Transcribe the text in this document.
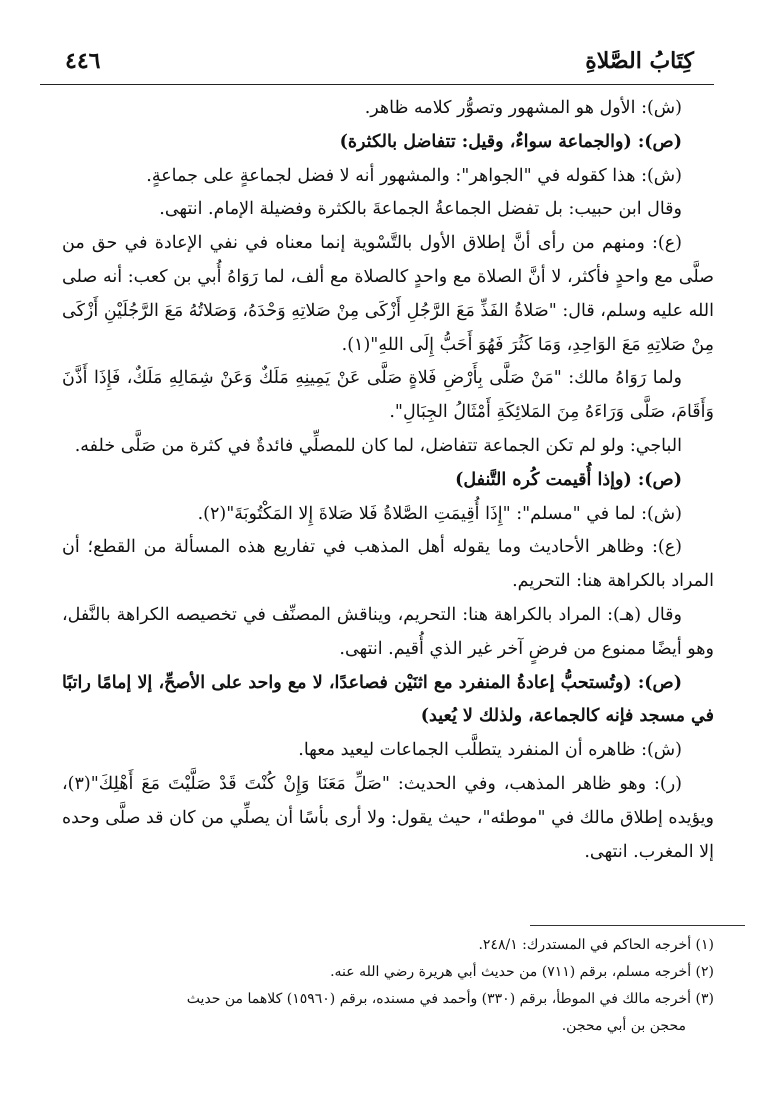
كِتَابُ الصَّلاةِ
٤٤٦

(ش): الأول هو المشهور وتصوُّر كلامه ظاهر.

(ص): (والجماعة سواءٌ، وقيل: تتفاضل بالكثرة)

(ش): هذا كقوله في "الجواهر": والمشهور أنه لا فضل لجماعةٍ على جماعةٍ.

وقال ابن حبيب: بل تفضل الجماعةُ الجماعةَ بالكثرة وفضيلة الإمام. انتهى.

(ع): ومنهم من رأى أنَّ إطلاق الأول بالتَّسْوية إنما معناه في نفي الإعادة في حق من صلَّى مع واحدٍ فأكثر، لا أنَّ الصلاة مع واحدٍ كالصلاة مع ألف، لما رَوَاهُ أُبي بن كعب: أنه صلى الله عليه وسلم، قال: "صَلاةُ الفَذِّ مَعَ الرَّجُلِ أَزْكَى مِنْ صَلاتِهِ وَحْدَهُ، وَصَلاتُهُ مَعَ الرَّجُلَيْنِ أَزْكَى مِنْ صَلاتِهِ مَعَ الوَاحِدِ، وَمَا كَثُرَ فَهُوَ أَحَبُّ إِلَى اللهِ"(١).

ولما رَوَاهُ مالك: "مَنْ صَلَّى بِأَرْضِ فَلاةٍ صَلَّى عَنْ يَمِينِهِ مَلَكٌ وَعَنْ شِمَالِهِ مَلَكٌ، فَإِذَا أَذَّنَ وَأَقَامَ، صَلَّى وَرَاءَهُ مِنَ المَلائِكَةِ أَمْثَالُ الجِبَالِ".

الباجي: ولو لم تكن الجماعة تتفاضل، لما كان للمصلِّي فائدةٌ في كثرة من صَلَّى خلفه.

(ص): (وإذا أُقيمت كُره التَّنفل)

(ش): لما في "مسلم": "إِذَا أُقِيمَتِ الصَّلاةُ فَلا صَلاةَ إِلا المَكْتُوبَةَ"(٢).

(ع): وظاهر الأحاديث وما يقوله أهل المذهب في تفاريع هذه المسألة من القطع؛ أن المراد بالكراهة هنا: التحريم.

وقال (هـ): المراد بالكراهة هنا: التحريم، ويناقش المصنِّف في تخصيصه الكراهة بالنَّفل، وهو أيضًا ممنوع من فرضٍ آخر غير الذي أُقيم. انتهى.

(ص): (وتُستحبُّ إعادةُ المنفرد مع اثنَيْن فصاعدًا، لا مع واحد على الأصحِّ، إلا إمامًا راتبًا في مسجد فإنه كالجماعة، ولذلك لا يُعيد)

(ش): ظاهره أن المنفرد يتطلَّب الجماعات ليعيد معها.

(ر): وهو ظاهر المذهب، وفي الحديث: "صَلِّ مَعَنَا وَإِنْ كُنْتَ قَدْ صَلَّيْتَ مَعَ أَهْلِكَ"(٣)، ويؤيده إطلاق مالك في "موطئه"، حيث يقول: ولا أرى بأسًا أن يصلِّي من كان قد صلَّى وحده إلا المغرب. انتهى.

(١) أخرجه الحاكم في المستدرك: ٢٤٨/١.

(٢) أخرجه مسلم، برقم (٧١١) من حديث أبي هريرة رضي الله عنه.

(٣) أخرجه مالك في الموطأ، برقم (٣٣٠) وأحمد في مسنده، برقم (١٥٩٦٠) كلاهما من حديث

محجن بن أبي محجن.
